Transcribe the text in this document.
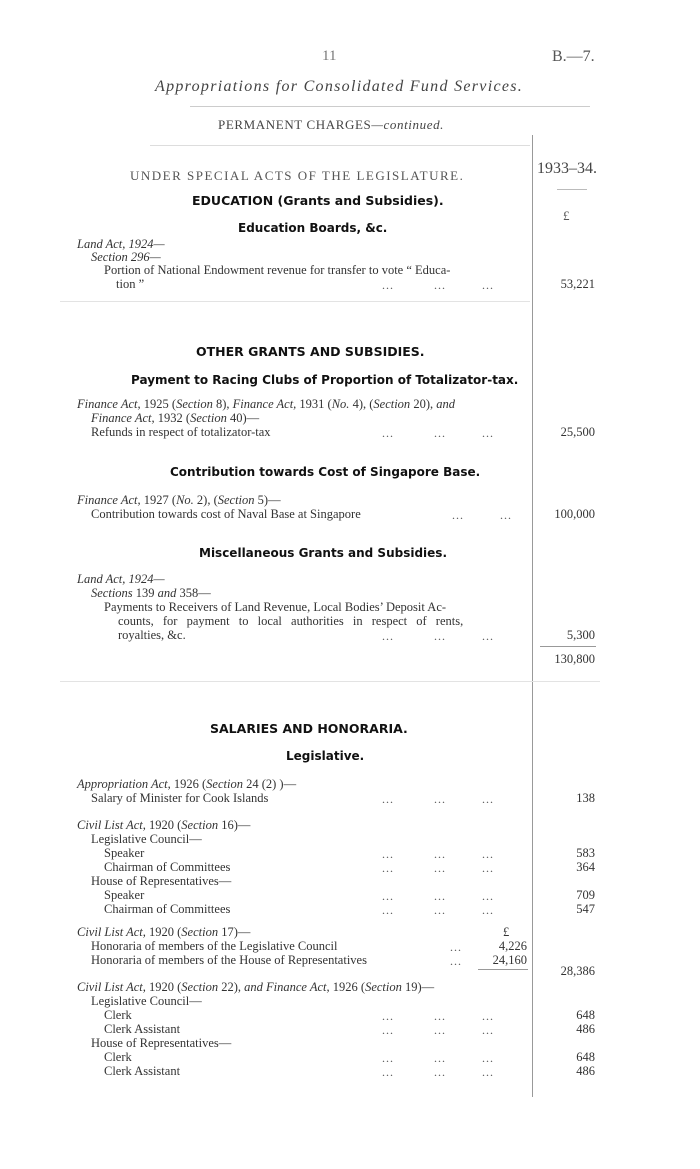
11	B.—7.
Appropriations for Consolidated Fund Services.
PERMANENT CHARGES—continued.
1933–34.
£
UNDER SPECIAL ACTS OF THE LEGISLATURE.
EDUCATION (Grants and Subsidies).
Education Boards, &c.
Land Act, 1924—
Section 296—
Portion of National Endowment revenue for transfer to vote “ Educa-
tion ”	...          ...         ...	53,221
OTHER GRANTS AND SUBSIDIES.
Payment to Racing Clubs of Proportion of Totalizator-tax.
Finance Act, 1925 (Section 8), Finance Act, 1931 (No. 4), (Section 20), and
Finance Act, 1932 (Section 40)—
Refunds in respect of totalizator-tax	...          ...         ...	25,500
Contribution towards Cost of Singapore Base.
Finance Act, 1927 (No. 2), (Section 5)—
Contribution towards cost of Naval Base at Singapore	...         ...	100,000
Miscellaneous Grants and Subsidies.
Land Act, 1924—
Sections 139 and 358—
Payments to Receivers of Land Revenue, Local Bodies’ Deposit Ac-
counts, for payment to local authorities in respect of rents,
royalties, &c.	...          ...         ...	5,300
130,800
SALARIES AND HONORARIA.
Legislative.
Appropriation Act, 1926 (Section 24 (2) )—
Salary of Minister for Cook Islands	...          ...         ...	138
Civil List Act, 1920 (Section 16)—
Legislative Council—
Speaker	...          ...         ...	583
Chairman of Committees	...          ...         ...	364
House of Representatives—
Speaker	...          ...         ...	709
Chairman of Committees	...          ...         ...	547
Civil List Act, 1920 (Section 17)—	£
Honoraria of members of the Legislative Council	...	4,226
Honoraria of members of the House of Representatives	...	24,160
28,386
Civil List Act, 1920 (Section 22), and Finance Act, 1926 (Section 19)—
Legislative Council—
Clerk	...          ...         ...	648
Clerk Assistant	...          ...         ...	486
House of Representatives—
Clerk	...          ...         ...	648
Clerk Assistant	...          ...         ...	486
